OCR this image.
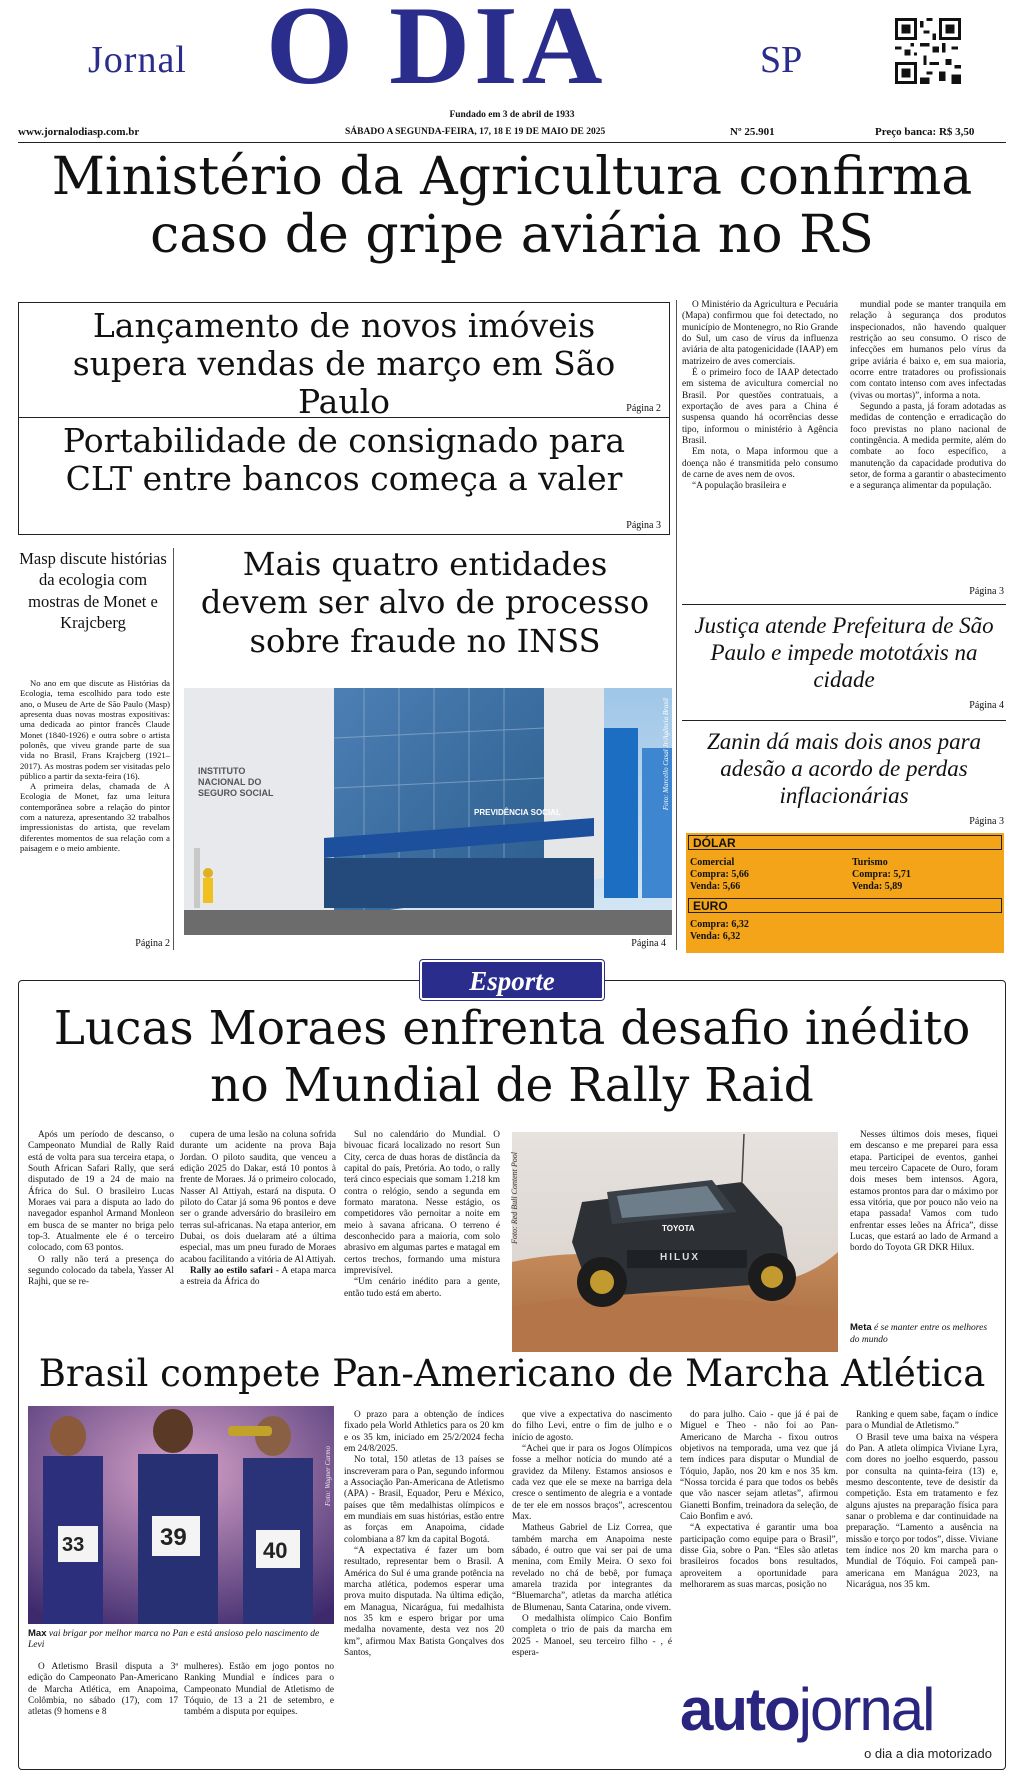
Jornal O DIA	SP
Fundado em 3 de abril de 1933
www.jornalodiasp.com.br	SÁBADO A SEGUNDA-FEIRA, 17, 18 E 19 DE MAIO DE 2025	Nº 25.901	Preço banca: R$ 3,50
Ministério da Agricultura confirma caso de gripe aviária no RS
Lançamento de novos imóveis supera vendas de março em São Paulo	Página 2
Portabilidade de consignado para CLT entre bancos começa a valer
Página 3

O Ministério da Agricultura e Pecuária (Mapa) confirmou que foi detectado, no município de Montenegro, no Rio Grande do Sul, um caso de vírus da influenza aviária de alta patogenicidade (IAAP) em matrizeiro de aves comerciais.

É o primeiro foco de IAAP detectado em sistema de avicultura comercial no Brasil. Por questões contratuais, a exportação de aves para a China é suspensa quando há ocorrências desse tipo, informou o ministério à Agência Brasil.

Em nota, o Mapa informou que a doença não é transmitida pelo consumo de carne de aves nem de ovos.

“A população brasileira e

mundial pode se manter tranquila em relação à segurança dos produtos inspecionados, não havendo qualquer restrição ao seu consumo. O risco de infecções em humanos pelo vírus da gripe aviária é baixo e, em sua maioria, ocorre entre tratadores ou profissionais com contato intenso com aves infectadas (vivas ou mortas)”, informa a nota.

Segundo a pasta, já foram adotadas as medidas de contenção e erradicação do foco previstas no plano nacional de contingência. A medida permite, além do combate ao foco específico, a manutenção da capacidade produtiva do setor, de forma a garantir o abastecimento e a segurança alimentar da população.

Página 3
Justiça atende Prefeitura de São Paulo e impede mototáxis na cidade
Página 4
Zanin dá mais dois anos para adesão a acordo de perdas inflacionárias
Página 3
DÓLAR
Comercial
Compra: 5,66
Venda: 5,66
Turismo
Compra: 5,71
Venda: 5,89
EURO
Compra: 6,32
Venda: 6,32
Masp discute histórias da ecologia com mostras de Monet e Krajcberg

No ano em que discute as Histórias da Ecologia, tema escolhido para todo este ano, o Museu de Arte de São Paulo (Masp) apresenta duas novas mostras expositivas: uma dedicada ao pintor francês Claude Monet (1840-1926) e outra sobre o artista polonês, que viveu grande parte de sua vida no Brasil, Frans Krajcberg (1921–2017). As mostras podem ser visitadas pelo público a partir da sexta-feira (16).

A primeira delas, chamada de A Ecologia de Monet, faz uma leitura contemporânea sobre a relação do pintor com a natureza, apresentando 32 trabalhos impressionistas do artista, que revelam diferentes momentos de sua relação com a paisagem e o meio ambiente.

Página 2
Mais quatro entidades devem ser alvo de processo sobre fraude no INSS
INSTITUTO NACIONAL DO SEGURO SOCIAL
PREVIDÊNCIA SOCIAL
Foto: Marcello Casal Jr/Agência Brasil
Página 4
Esporte
Lucas Moraes enfrenta desafio inédito no Mundial de Rally Raid

Após um período de descanso, o Campeonato Mundial de Rally Raid está de volta para sua terceira etapa, o South African Safari Rally, que será disputado de 19 a 24 de maio na África do Sul. O brasileiro Lucas Moraes vai para a disputa ao lado do navegador espanhol Armand Monleon em busca de se manter no briga pelo top-3. Atualmente ele é o terceiro colocado, com 63 pontos.

O rally não terá a presença do segundo colocado da tabela, Yasser Al Rajhi, que se re-

cupera de uma lesão na coluna sofrida durante um acidente na prova Baja Jordan. O piloto saudita, que venceu a edição 2025 do Dakar, está 10 pontos à frente de Moraes. Já o primeiro colocado, Nasser Al Attiyah, estará na disputa. O piloto do Catar já soma 96 pontos e deve ser o grande adversário do brasileiro em terras sul-africanas. Na etapa anterior, em Dubai, os dois duelaram até a última especial, mas um pneu furado de Moraes acabou facilitando a vitória de Al Attiyah.

Rally ao estilo safari - A etapa marca a estreia da África do

Sul no calendário do Mundial. O bivouac ficará localizado no resort Sun City, cerca de duas horas de distância da capital do país, Pretória. Ao todo, o rally terá cinco especiais que somam 1.218 km contra o relógio, sendo a segunda em formato maratona. Nesse estágio, os competidores vão pernoitar a noite em meio à savana africana. O terreno é desconhecido para a maioria, com solo abrasivo em algumas partes e matagal em certos trechos, formando uma mistura imprevisível.

“Um cenário inédito para a gente, então tudo está em aberto.

TOYOTA
HILUX
Foto: Red Bull Content Pool

Nesses últimos dois meses, fiquei em descanso e me preparei para essa etapa. Participei de eventos, ganhei meu terceiro Capacete de Ouro, foram dois meses bem intensos. Agora, estamos prontos para dar o máximo por essa vitória, que por pouco não veio na etapa passada! Vamos com tudo enfrentar esses leões na África”, disse Lucas, que estará ao lado de Armand a bordo do Toyota GR DKR Hilux.

Meta é se manter entre os melhores do mundo
Brasil compete Pan-Americano de Marcha Atlética
33	39	40
Foto: Wagner Carmo
Max vai brigar por melhor marca no Pan e está ansioso pelo nascimento de Levi

O Atletismo Brasil disputa a 3ª edição do Campeonato Pan-Americano de Marcha Atlética, em Anapoima, Colômbia, no sábado (17), com 17 atletas (9 homens e 8

mulheres). Estão em jogo pontos no Ranking Mundial e índices para o Campeonato Mundial de Atletismo de Tóquio, de 13 a 21 de setembro, e também a disputa por equipes.

O prazo para a obtenção de índices fixado pela World Athletics para os 20 km e os 35 km, iniciado em 25/2/2024 fecha em 24/8/2025.

No total, 150 atletas de 13 países se inscreveram para o Pan, segundo informou a Associação Pan-Americana de Atletismo (APA) - Brasil, Equador, Peru e México, países que têm medalhistas olímpicos e em mundiais em suas histórias, estão entre as forças em Anapoima, cidade colombiana a 87 km da capital Bogotá.

“A expectativa é fazer um bom resultado, representar bem o Brasil. A América do Sul é uma grande potência na marcha atlética, podemos esperar uma prova muito disputada. Na última edição, em Managua, Nicarágua, fui medalhista nos 35 km e espero brigar por uma medalha novamente, desta vez nos 20 km”, afirmou Max Batista Gonçalves dos Santos,

que vive a expectativa do nascimento do filho Levi, entre o fim de julho e o início de agosto.

“Achei que ir para os Jogos Olímpicos fosse a melhor notícia do mundo até a gravidez da Mileny. Estamos ansiosos e cada vez que ele se mexe na barriga dela cresce o sentimento de alegria e a vontade de ter ele em nossos braços”, acrescentou Max.

Matheus Gabriel de Liz Correa, que também marcha em Anapoima neste sábado, é outro que vai ser pai de uma menina, com Emily Meira. O sexo foi revelado no chá de bebê, por fumaça amarela trazida por integrantes da “Bluemarcha”, atletas da marcha atlética de Blumenau, Santa Catarina, onde vivem.

O medalhista olímpico Caio Bonfim completa o trio de pais da marcha em 2025 - Manoel, seu terceiro filho - , é espera-

do para julho. Caio - que já é pai de Miguel e Theo - não foi ao Pan-Americano de Marcha - fixou outros objetivos na temporada, uma vez que já tem índices para disputar o Mundial de Tóquio, Japão, nos 20 km e nos 35 km. “Nossa torcida é para que todos os bebês que vão nascer sejam atletas”, afirmou Gianetti Bonfim, treinadora da seleção, de Caio Bonfim e avó.

“A expectativa é garantir uma boa participação como equipe para o Brasil”, disse Gia, sobre o Pan. “Eles são atletas brasileiros focados bons resultados, aproveitem a oportunidade para melhorarem as suas marcas, posição no

Ranking e quem sabe, façam o índice para o Mundial de Atletismo.”

O Brasil teve uma baixa na véspera do Pan. A atleta olímpica Viviane Lyra, com dores no joelho esquerdo, passou por consulta na quinta-feira (13) e, mesmo descontente, teve de desistir da competição. Esta em tratamento e fez alguns ajustes na preparação física para sanar o problema e dar continuidade na preparação. “Lamento a ausência na missão e torço por todos”, disse. Viviane tem índice nos 20 km marcha para o Mundial de Tóquio. Foi campeã pan-americana em Manágua 2023, na Nicarágua, nos 35 km.

autojornal
o dia a dia motorizado
